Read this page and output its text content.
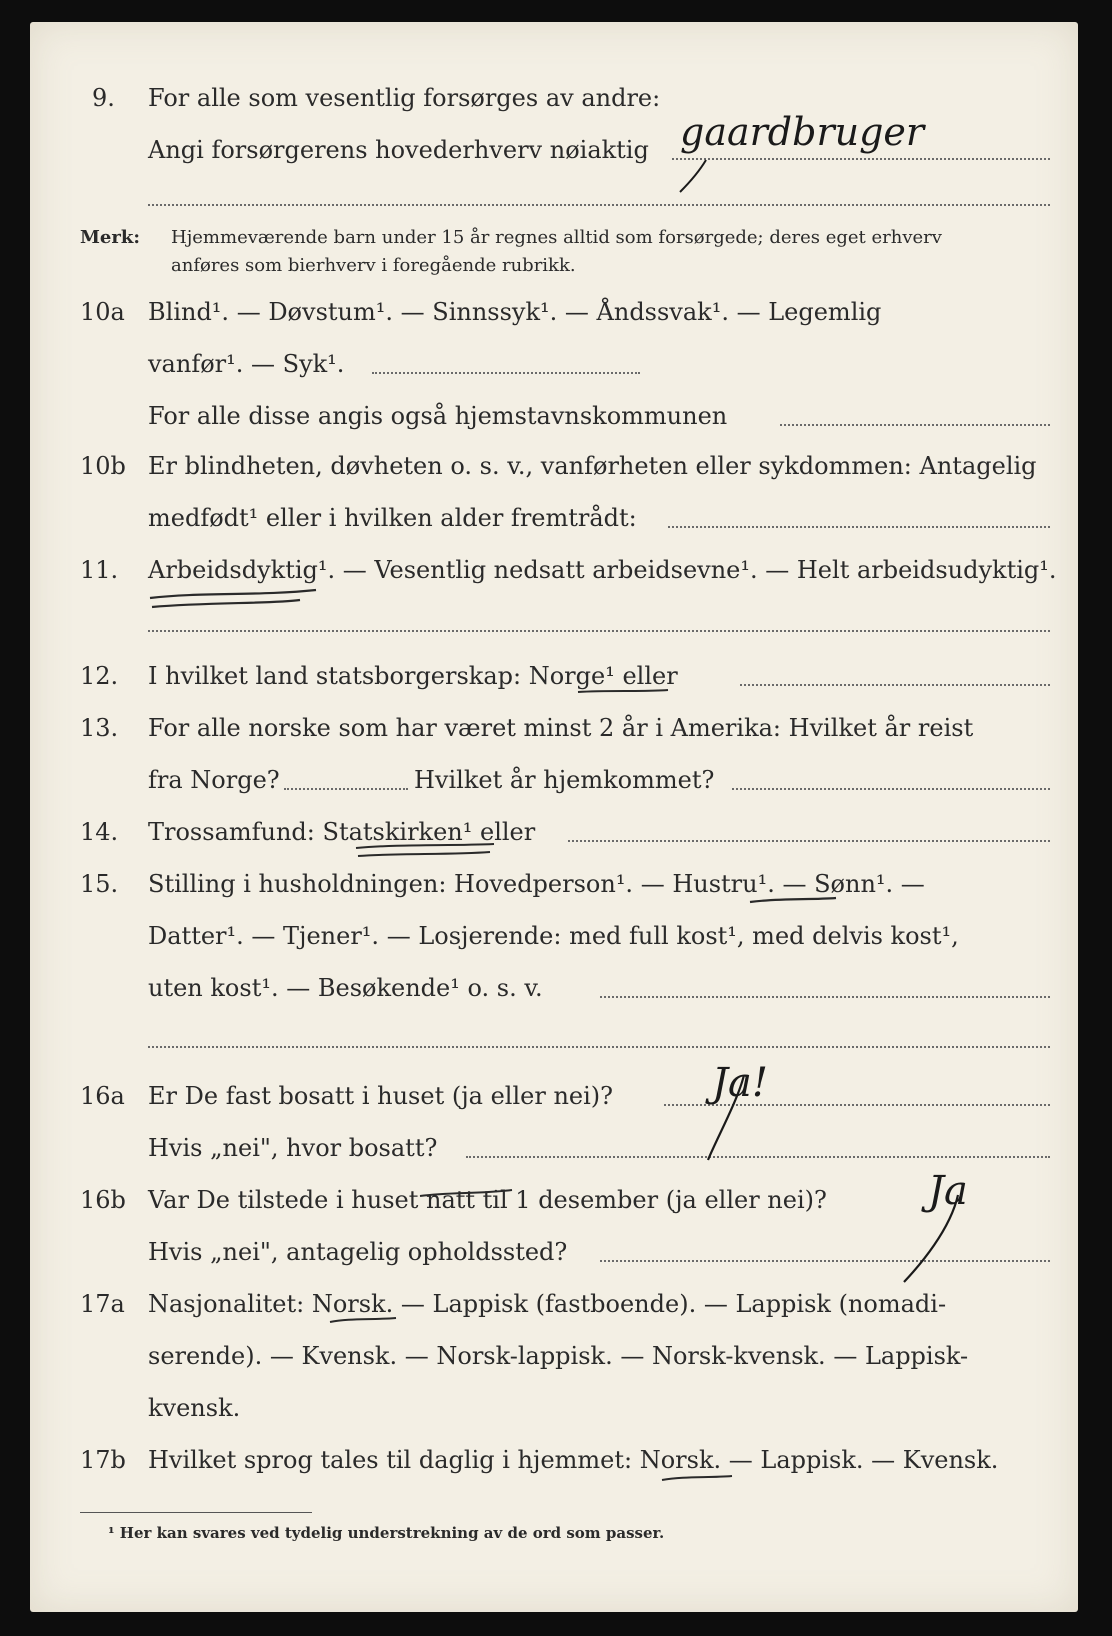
9. For alle som vesentlig forsørges av andre:
Angi forsørgerens hovederhverv nøiaktig gaardbruger
Merk: Hjemmeværende barn under 15 år regnes alltid som forsørgede; deres eget erhverv
anføres som bierhverv i foregående rubrikk.
10a Blind¹. — Døvstum¹. — Sinnssyk¹. — Åndssvak¹. — Legemlig
vanfør¹. — Syk¹.
For alle disse angis også hjemstavnskommunen
10b Er blindheten, døvheten o. s. v., vanførheten eller sykdommen: Antagelig
medfødt¹ eller i hvilken alder fremtrådt:
11. Arbeidsdyktig¹. — Vesentlig nedsatt arbeidsevne¹. — Helt arbeidsudyktig¹.
12. I hvilket land statsborgerskap: Norge¹ eller
13. For alle norske som har været minst 2 år i Amerika: Hvilket år reist
fra Norge?	Hvilket år hjemkommet?
14. Trossamfund: Statskirken¹ eller
15. Stilling i husholdningen: Hovedperson¹. — Hustru¹. — Sønn¹. —
Datter¹. — Tjener¹. — Losjerende: med full kost¹, med delvis kost¹,
uten kost¹. — Besøkende¹ o. s. v.
16a Er De fast bosatt i huset (ja eller nei)? Ja!
Hvis „nei", hvor bosatt?
16b Var De tilstede i huset natt til 1 desember (ja eller nei)?	Ja
Hvis „nei", antagelig opholdssted?
17a Nasjonalitet: Norsk. — Lappisk (fastboende). — Lappisk (nomadi-
serende). — Kvensk. — Norsk-lappisk. — Norsk-kvensk. — Lappisk-
kvensk.
17b Hvilket sprog tales til daglig i hjemmet: Norsk. — Lappisk. — Kvensk.
¹ Her kan svares ved tydelig understrekning av de ord som passer.
